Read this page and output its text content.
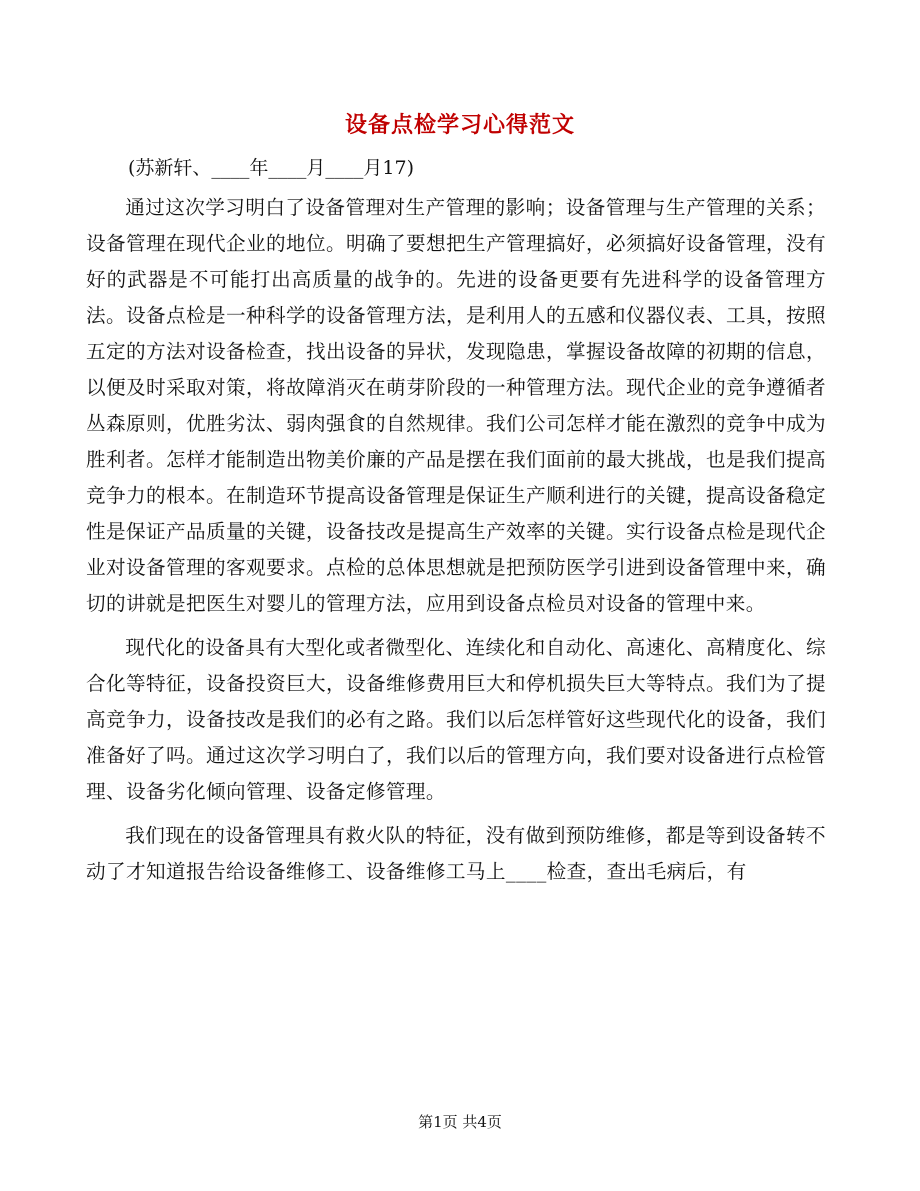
设备点检学习心得范文
(苏新轩、____年____月____月17)

通过这次学习明白了设备管理对生产管理的影响；设备管理与生产管理的关系；设备管理在现代企业的地位。明确了要想把生产管理搞好，必须搞好设备管理，没有好的武器是不可能打出高质量的战争的。先进的设备更要有先进科学的设备管理方法。设备点检是一种科学的设备管理方法，是利用人的五感和仪器仪表、工具，按照五定的方法对设备检查，找出设备的异状，发现隐患，掌握设备故障的初期的信息，以便及时采取对策，将故障消灭在萌芽阶段的一种管理方法。现代企业的竞争遵循者丛森原则，优胜劣汰、弱肉强食的自然规律。我们公司怎样才能在激烈的竞争中成为胜利者。怎样才能制造出物美价廉的产品是摆在我们面前的最大挑战，也是我们提高竞争力的根本。在制造环节提高设备管理是保证生产顺利进行的关键，提高设备稳定性是保证产品质量的关键，设备技改是提高生产效率的关键。实行设备点检是现代企业对设备管理的客观要求。点检的总体思想就是把预防医学引进到设备管理中来，确切的讲就是把医生对婴儿的管理方法，应用到设备点检员对设备的管理中来。

现代化的设备具有大型化或者微型化、连续化和自动化、高速化、高精度化、综合化等特征，设备投资巨大，设备维修费用巨大和停机损失巨大等特点。我们为了提高竞争力，设备技改是我们的必有之路。我们以后怎样管好这些现代化的设备，我们准备好了吗。通过这次学习明白了，我们以后的管理方向，我们要对设备进行点检管理、设备劣化倾向管理、设备定修管理。

我们现在的设备管理具有救火队的特征，没有做到预防维修，都是等到设备转不动了才知道报告给设备维修工、设备维修工马上____检查，查出毛病后，有

第1页 共4页
